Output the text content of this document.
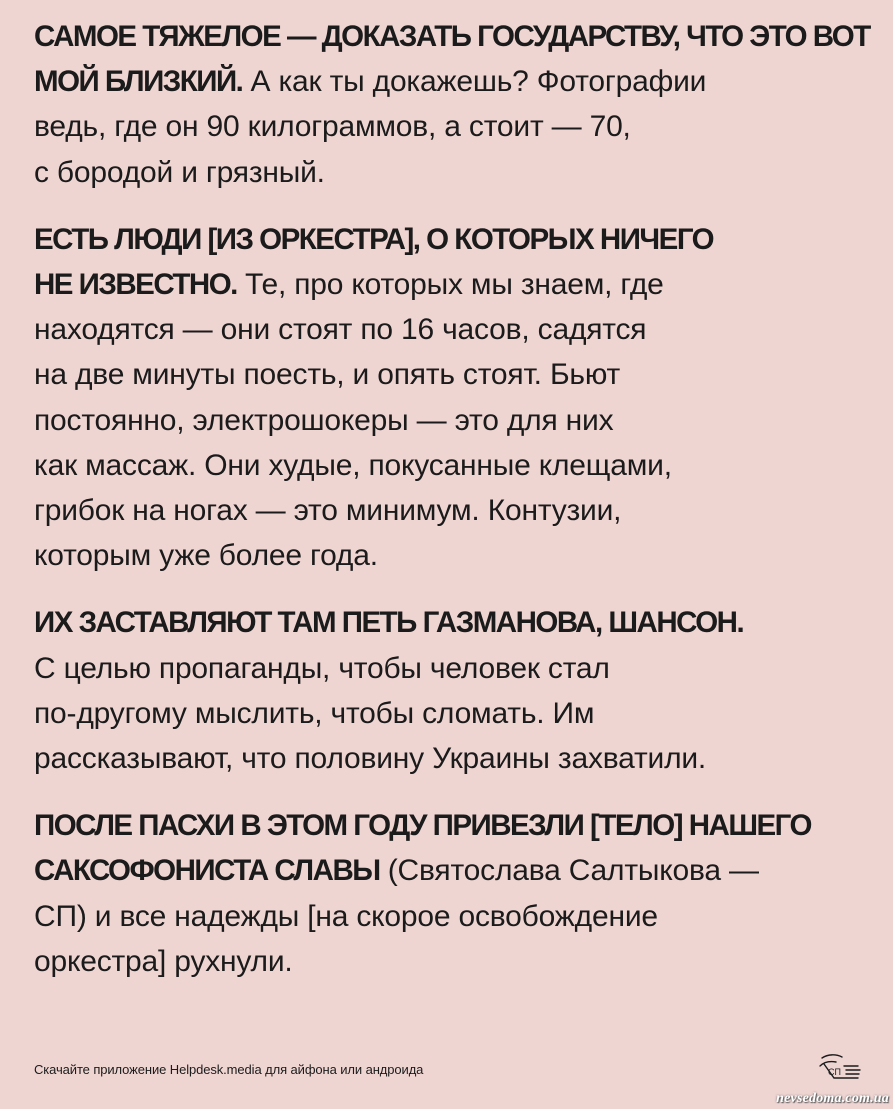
САМОЕ ТЯЖЕЛОЕ — ДОКАЗАТЬ ГОСУДАРСТВУ, ЧТО ЭТО ВОТ
МОЙ БЛИЗКИЙ. А как ты докажешь? Фотографии
ведь, где он 90 килограммов, а стоит — 70,
с бородой и грязный.

ЕСТЬ ЛЮДИ [ИЗ ОРКЕСТРА], О КОТОРЫХ НИЧЕГО
НЕ ИЗВЕСТНО. Те, про которых мы знаем, где
находятся — они стоят по 16 часов, садятся
на две минуты поесть, и опять стоят. Бьют
постоянно, электрошокеры — это для них
как массаж. Они худые, покусанные клещами,
грибок на ногах — это минимум. Контузии,
которым уже более года.

ИХ ЗАСТАВЛЯЮТ ТАМ ПЕТЬ ГАЗМАНОВА, ШАНСОН.
С целью пропаганды, чтобы человек стал
по-другому мыслить, чтобы сломать. Им
рассказывают, что половину Украины захватили.

ПОСЛЕ ПАСХИ В ЭТОМ ГОДУ ПРИВЕЗЛИ [ТЕЛО] НАШЕГО
САКСОФОНИСТА СЛАВЫ (Святослава Салтыкова —
СП) и все надежды [на скорое освобождение
оркестра] рухнули.

Скачайте приложение Helpdesk.media для айфона или андроида	СП
nevsedoma.com.ua
